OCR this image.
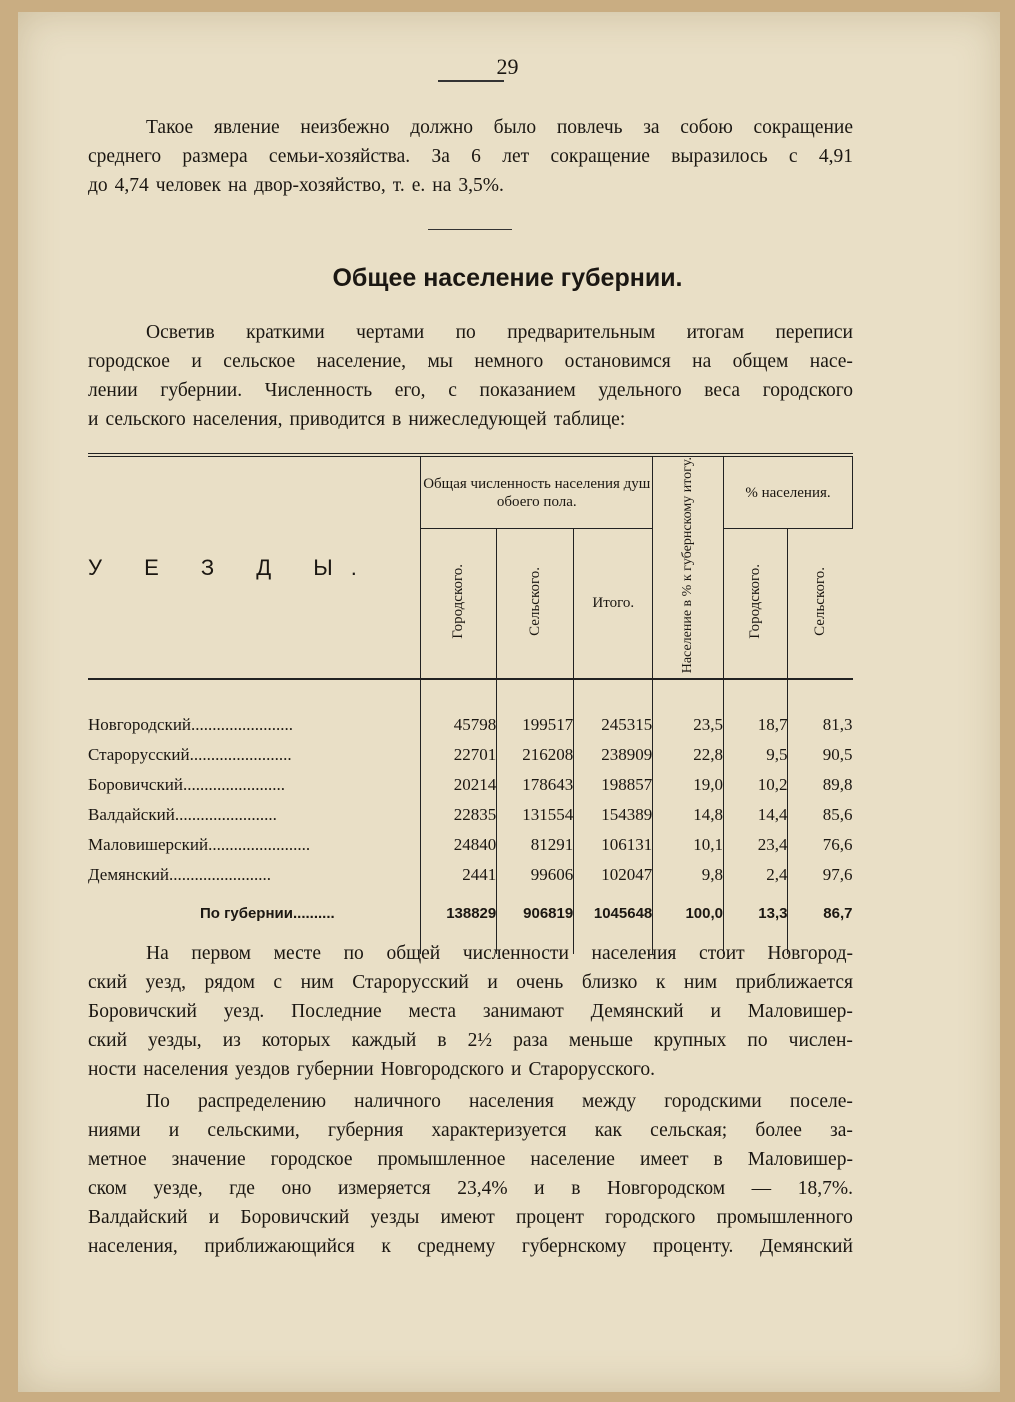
29
Такое явление неизбежно должно было повлечь за собою сокращение
среднего размера семьи-хозяйства. За 6 лет сокращение выразилось с 4,91
до 4,74 человек на двор-хозяйство, т. е. на 3,5%.
Общее население губернии.
Осветив краткими чертами по предварительным итогам переписи
городское и сельское население, мы немного остановимся на общем насе-
лении губернии. Численность его, с показанием удельного веса городского
и сельского населения, приводится в нижеследующей таблице:
У Е З Д Ы.	Общая численность населения душ обоего пола.			Население в % к губернскому итогу.	% населения.	
	Городского.	Сельского.	Итого.		Городского.	Сельского.

Новгородский........................	45798	199517	245315	23,5	18,7	81,3
Старорусский........................	22701	216208	238909	22,8	9,5	90,5
Боровичский........................	20214	178643	198857	19,0	10,2	89,8
Валдайский........................	22835	131554	154389	14,8	14,4	85,6
Маловишерский........................	24840	81291	106131	10,1	23,4	76,6
Демянский........................	2441	99606	102047	9,8	2,4	97,6
По губернии..........	138829	906819	1045648	100,0	13,3	86,7

На первом месте по общей численности населения стоит Новгород-
ский уезд, рядом с ним Старорусский и очень близко к ним приближается
Боровичский уезд. Последние места занимают Демянский и Маловишер-
ский уезды, из которых каждый в 2½ раза меньше крупных по числен-
ности населения уездов губернии Новгородского и Старорусского.
По распределению наличного населения между городскими поселе-
ниями и сельскими, губерния характеризуется как сельская; более за-
метное значение городское промышленное население имеет в Маловишер-
ском уезде, где оно измеряется 23,4% и в Новгородском — 18,7%.
Валдайский и Боровичский уезды имеют процент городского промышленного
населения, приближающийся к среднему губернскому проценту. Демянский
